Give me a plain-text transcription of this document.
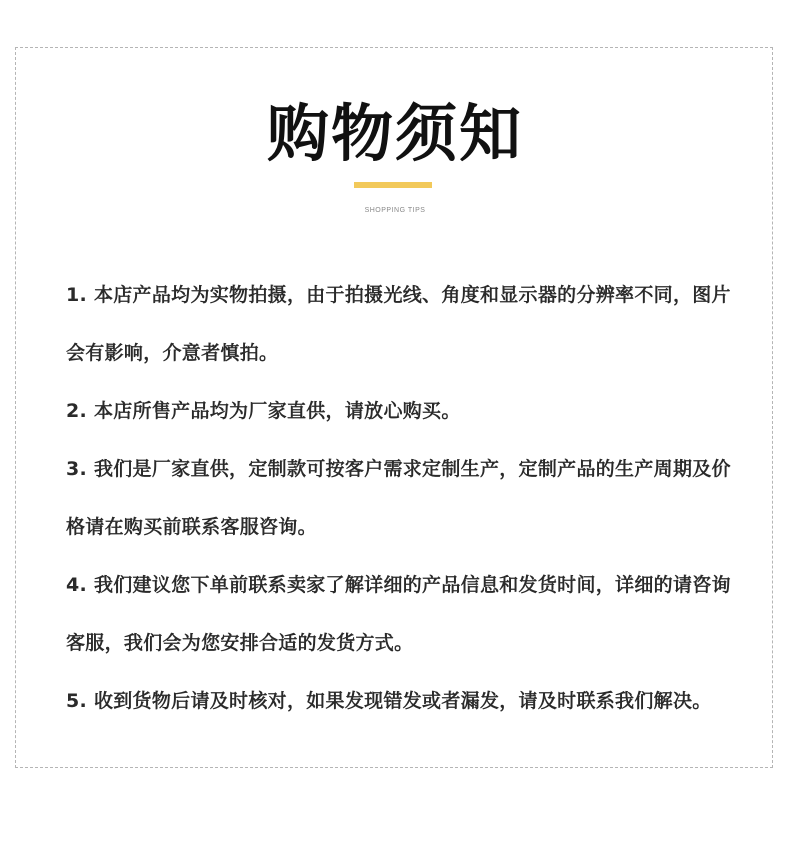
购物须知
SHOPPING TIPS
1. 本店产品均为实物拍摄，由于拍摄光线、角度和显示器的分辨率不同，图片会有影响，介意者慎拍。
2. 本店所售产品均为厂家直供，请放心购买。
3. 我们是厂家直供，定制款可按客户需求定制生产，定制产品的生产周期及价格请在购买前联系客服咨询。
4. 我们建议您下单前联系卖家了解详细的产品信息和发货时间，详细的请咨询客服，我们会为您安排合适的发货方式。
5. 收到货物后请及时核对，如果发现错发或者漏发，请及时联系我们解决。
